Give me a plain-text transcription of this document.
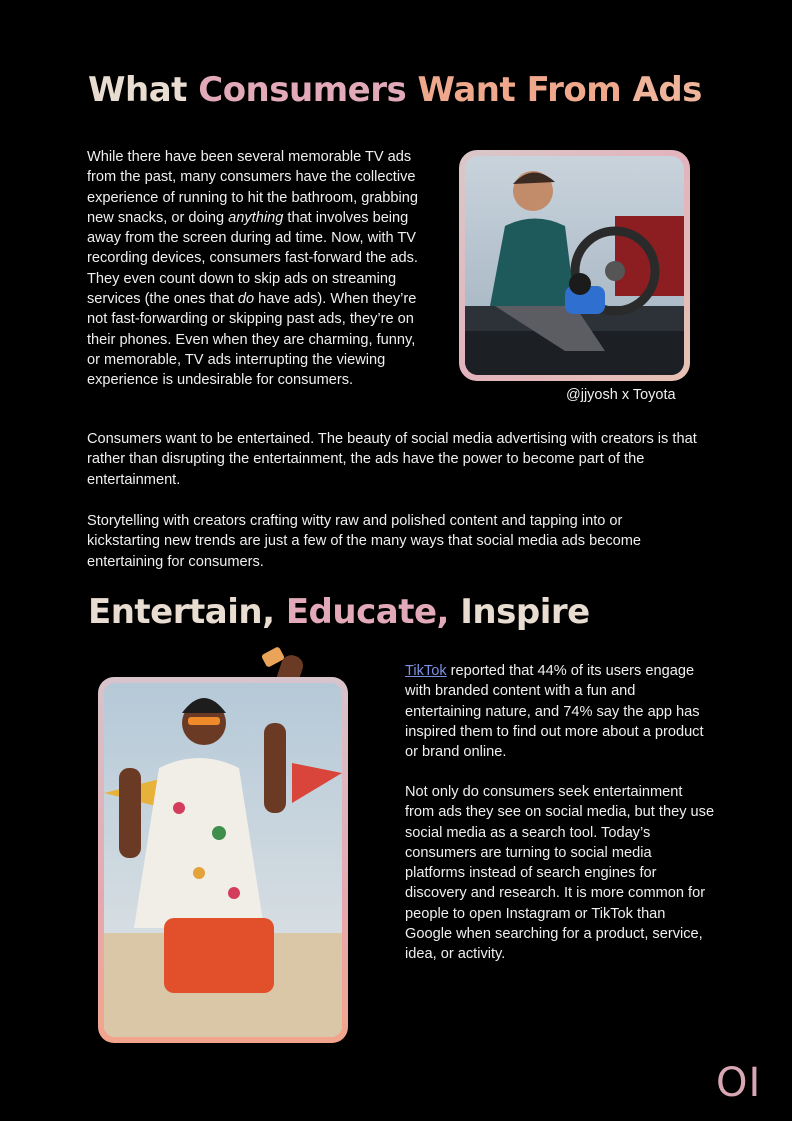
What Consumers Want From Ads

While there have been several memorable TV ads from the past, many consumers have the collective experience of running to hit the bathroom, grabbing new snacks, or doing anything that involves being away from the screen during ad time. Now, with TV recording devices, consumers fast-forward the ads. They even count down to skip ads on streaming services (the ones that do have ads). When they’re not fast-forwarding or skipping past ads, they’re on their phones. Even when they are charming, funny, or memorable, TV ads interrupting the viewing experience is undesirable for consumers.

@jjyosh x Toyota

Consumers want to be entertained. The beauty of social media advertising with creators is that rather than disrupting the entertainment, the ads have the power to become part of the entertainment.

Storytelling with creators crafting witty raw and polished content and tapping into or kickstarting new trends are just a few of the many ways that social media ads become entertaining for consumers.

Entertain, Educate, Inspire

TikTok reported that 44% of its users engage with branded content with a fun and entertaining nature, and 74% say the app has inspired them to find out more about a product or brand online.

Not only do consumers seek entertainment from ads they see on social media, but they use social media as a search tool. Today’s consumers are turning to social media platforms instead of search engines for discovery and research. It is more common for people to open Instagram or TikTok than Google when searching for a product, service, idea, or activity.

OI
